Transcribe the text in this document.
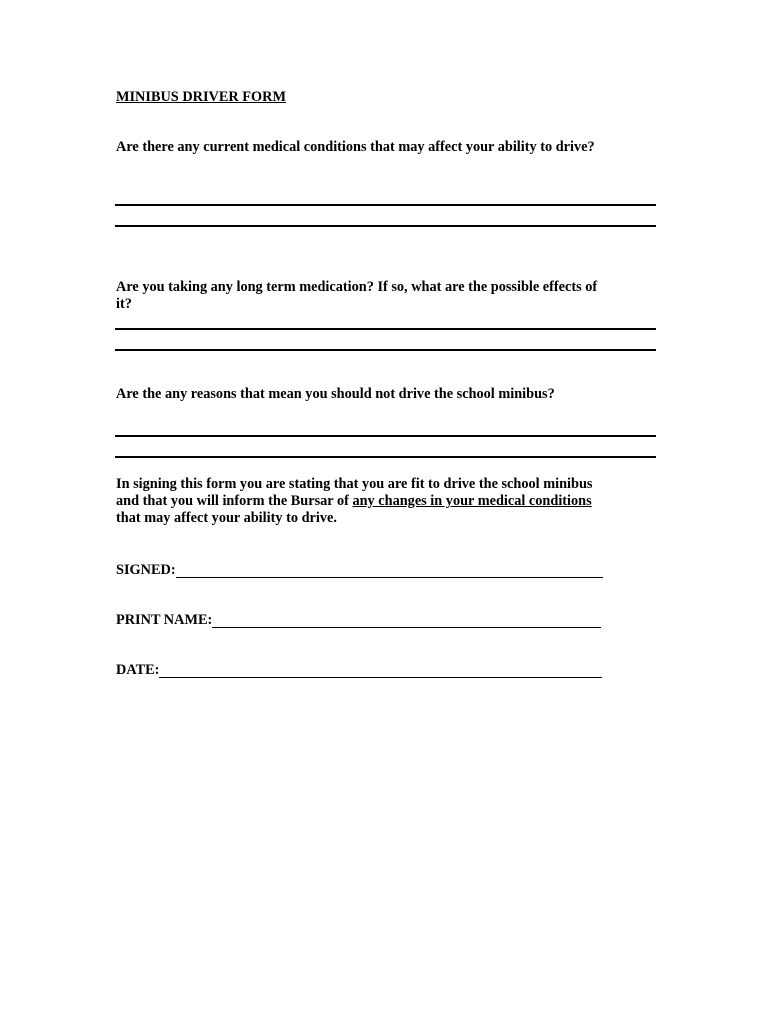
MINIBUS DRIVER FORM

Are there any current medical conditions that may affect your ability to drive?

Are you taking any long term medication? If so, what are the possible effects of

it?

Are the any reasons that mean you should not drive the school minibus?

In signing this form you are stating that you are fit to drive the school minibus

and that you will inform the Bursar of any changes in your medical conditions

that may affect your ability to drive.

SIGNED:
PRINT NAME:
DATE:
